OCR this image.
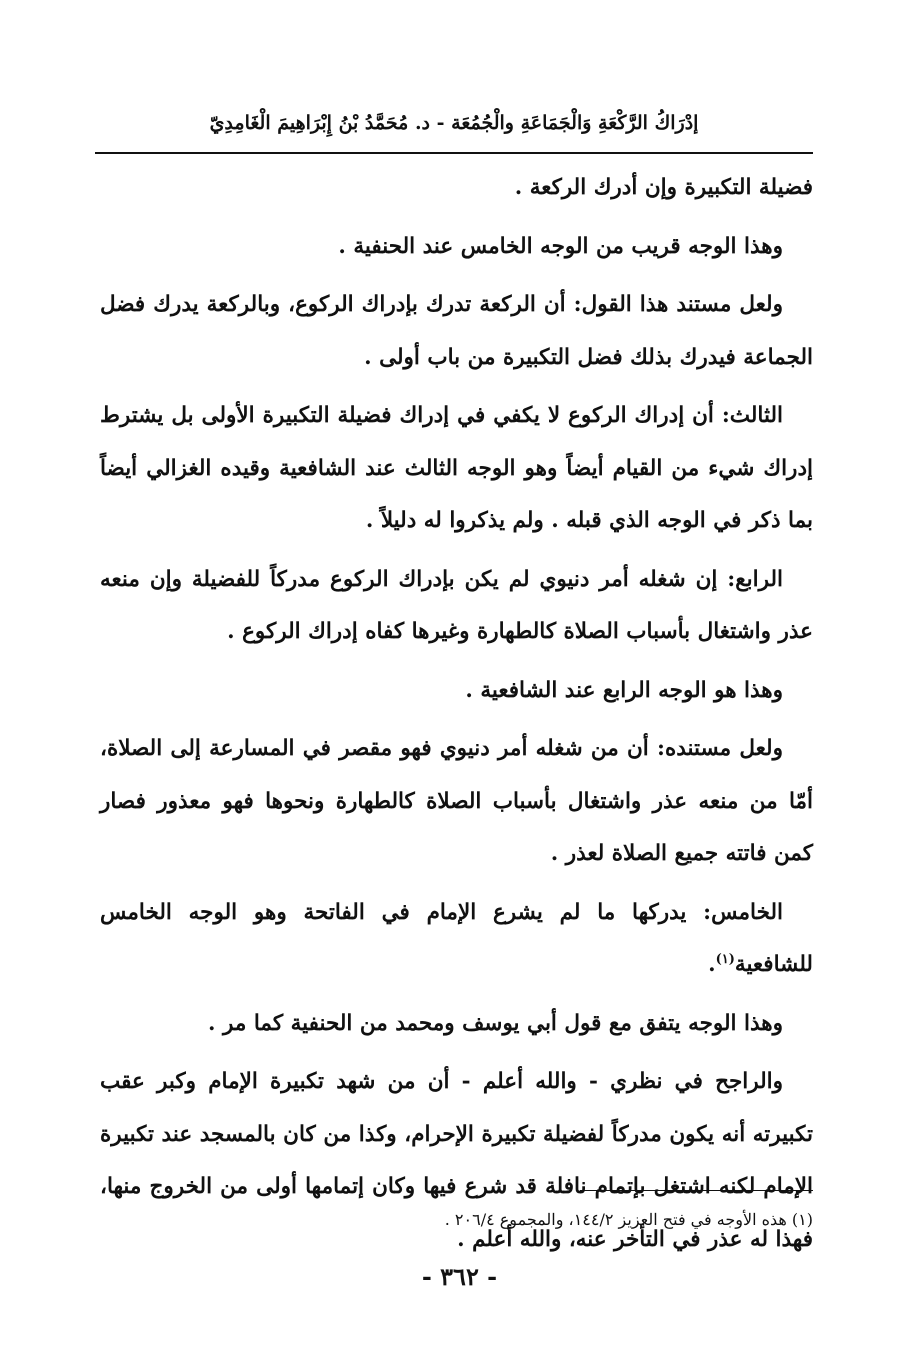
إدْرَاكُ الرَّكْعَةِ وَالْجَمَاعَةِ والْجُمُعَة - د. مُحَمَّدُ بْنُ إِبْرَاهِيمَ الْغَامِدِيّ

فضيلة التكبيرة وإن أدرك الركعة .

وهذا الوجه قريب من الوجه الخامس عند الحنفية .

ولعل مستند هذا القول: أن الركعة تدرك بإدراك الركوع، وبالركعة يدرك فضل الجماعة فيدرك بذلك فضل التكبيرة من باب أولى .

الثالث: أن إدراك الركوع لا يكفي في إدراك فضيلة التكبيرة الأولى بل يشترط إدراك شيء من القيام أيضاً وهو الوجه الثالث عند الشافعية وقيده الغزالي أيضاً بما ذكر في الوجه الذي قبله . ولم يذكروا له دليلاً .

الرابع: إن شغله أمر دنيوي لم يكن بإدراك الركوع مدركاً للفضيلة وإن منعه عذر واشتغال بأسباب الصلاة كالطهارة وغيرها كفاه إدراك الركوع .

وهذا هو الوجه الرابع عند الشافعية .

ولعل مستنده: أن من شغله أمر دنيوي فهو مقصر في المسارعة إلى الصلاة، أمّا من منعه عذر واشتغال بأسباب الصلاة كالطهارة ونحوها فهو معذور فصار كمن فاتته جميع الصلاة لعذر .

الخامس: يدركها ما لم يشرع الإمام في الفاتحة وهو الوجه الخامس للشافعية$^{(١)}$.

وهذا الوجه يتفق مع قول أبي يوسف ومحمد من الحنفية كما مر .

والراجح في نظري - والله أعلم - أن من شهد تكبيرة الإمام وكبر عقب تكبيرته أنه يكون مدركاً لفضيلة تكبيرة الإحرام، وكذا من كان بالمسجد عند تكبيرة الإمام لكنه اشتغل بإتمام نافلة قد شرع فيها وكان إتمامها أولى من الخروج منها، فهذا له عذر في التأخر عنه، والله أعلم .

(١) هذه الأوجه في فتح العزيز ١٤٤/٢، والمجموع ٢٠٦/٤ .
- ٣٦٢ -
